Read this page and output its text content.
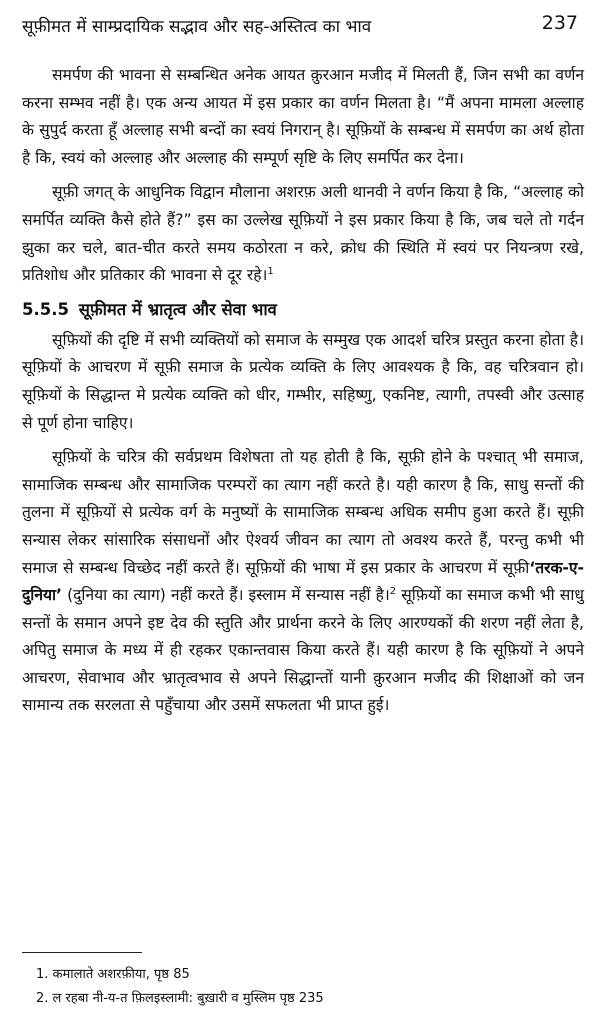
सूफ़ीमत में साम्प्रदायिक सद्भाव और सह-अस्तित्व का भाव	237

समर्पण की भावना से सम्बन्धित अनेक आयत क़ुरआन मजीद में मिलती हैं, जिन सभी का वर्णन करना सम्भव नहीं है। एक अन्य आयत में इस प्रकार का वर्णन मिलता है। “मैं अपना मामला अल्लाह के सुपुर्द करता हूँ अल्लाह सभी बन्दों का स्वयं निगरान् है। सूफ़ियों के सम्बन्ध में समर्पण का अर्थ होता है कि, स्वयं को अल्लाह और अल्लाह की सम्पूर्ण सृष्टि के लिए समर्पित कर देना।

सूफ़ी जगत् के आधुनिक विद्वान मौलाना अशरफ़ अली थानवी ने वर्णन किया है कि, “अल्लाह को समर्पित व्यक्ति कैसे होते हैं?” इस का उल्लेख सूफ़ियों ने इस प्रकार किया है कि, जब चले तो गर्दन झुका कर चले, बात-चीत करते समय कठोरता न करे, क्रोध की स्थिति में स्वयं पर नियन्त्रण रखे, प्रतिशोध और प्रतिकार की भावना से दूर रहे।$^1$

5.5.5 सूफ़ीमत में भ्रातृत्व और सेवा भाव

सूफ़ियों की दृष्टि में सभी व्यक्तियों को समाज के सम्मुख एक आदर्श चरित्र प्रस्तुत करना होता है। सूफ़ियों के आचरण में सूफ़ी समाज के प्रत्येक व्यक्ति के लिए आवश्यक है कि, वह चरित्रवान हो। सूफ़ियों के सिद्धान्त मे प्रत्येक व्यक्ति को धीर, गम्भीर, सहिष्णु, एकनिष्ट, त्यागी, तपस्वी और उत्साह से पूर्ण होना चाहिए।

सूफ़ियों के चरित्र की सर्वप्रथम विशेषता तो यह होती है कि, सूफ़ी होने के पश्चात् भी समाज, सामाजिक सम्बन्ध और सामाजिक परम्परों का त्याग नहीं करते है। यही कारण है कि, साधु सन्तों की तुलना में सूफ़ियों से प्रत्येक वर्ग के मनुष्यों के सामाजिक सम्बन्ध अधिक समीप हुआ करते हैं। सूफ़ी सन्यास लेकर सांसारिक संसाधनों और ऐश्वर्य जीवन का त्याग तो अवश्य करते हैं, परन्तु कभी भी समाज से सम्बन्ध विच्छेद नहीं करते हैं। सूफ़ियों की भाषा में इस प्रकार के आचरण में सूफ़ी‘तरक-ए-दुनिया’ (दुनिया का त्याग) नहीं करते हैं। इस्लाम में सन्यास नहीं है।$^2$ सूफ़ियों का समाज कभी भी साधु सन्तों के समान अपने इष्ट देव की स्तुति और प्रार्थना करने के लिए आरण्यकों की शरण नहीं लेता है, अपितु समाज के मध्य में ही रहकर एकान्तवास किया करते हैं। यही कारण है कि सूफ़ियों ने अपने आचरण, सेवाभाव और भ्रातृत्वभाव से अपने सिद्धान्तों यानी क़ुरआन मजीद की शिक्षाओं को जन सामान्य तक सरलता से पहुँचाया और उसमें सफलता भी प्राप्त हुई।

1. कमालाते अशरफ़ीया, पृष्ठ 85
2. ल रहबा नी-य-त फ़िलइस्लामी: बुख़ारी व मुस्लिम पृष्ठ 235
